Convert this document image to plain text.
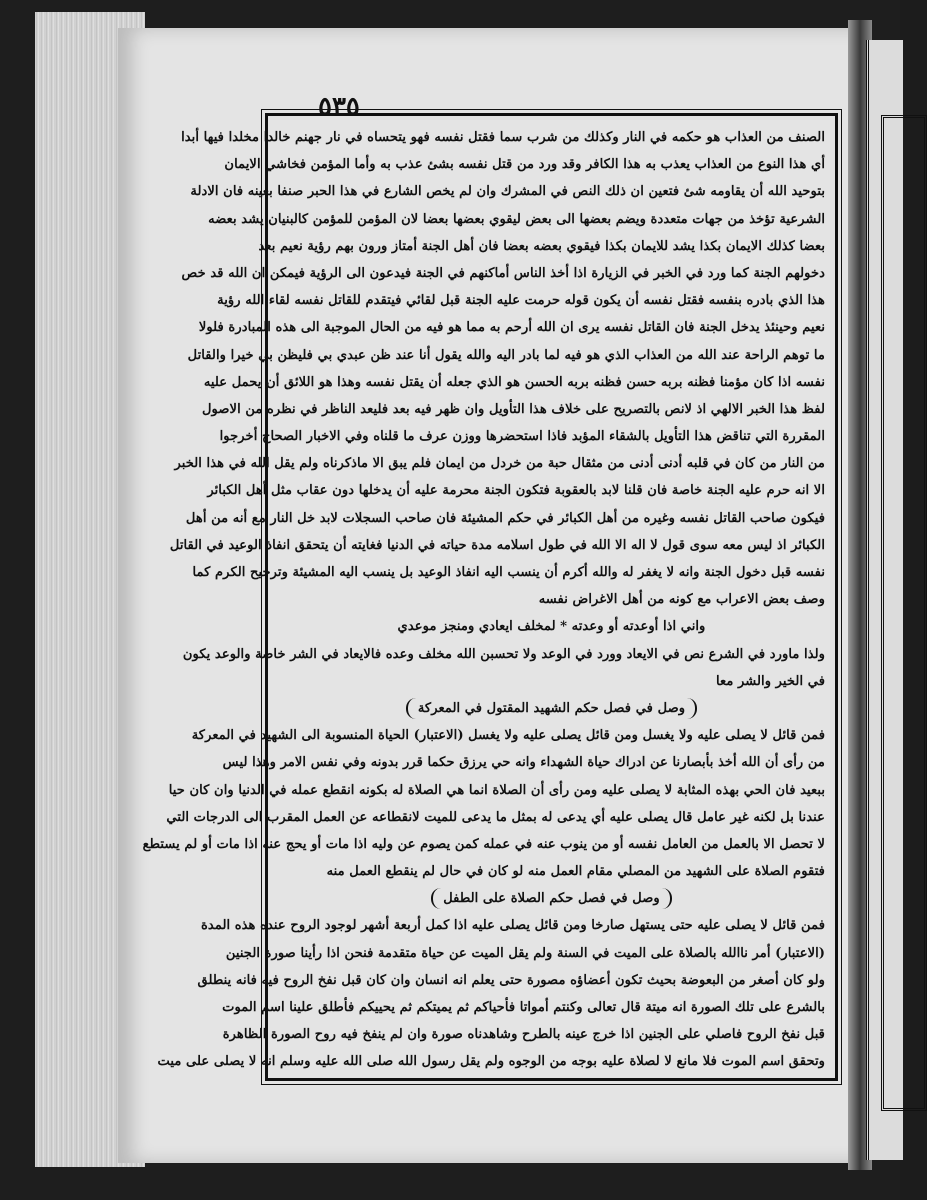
٥٣٥
الصنف من العذاب هو حكمه في النار وكذلك من شرب سما فقتل نفسه فهو يتحساه في نار جهنم خالدا مخلدا فيها أبدا
أي هذا النوع من العذاب يعذب به هذا الكافر وقد ورد من قتل نفسه بشئ عذب به وأما المؤمن فخاشي الايمان
بتوحيد الله أن يقاومه شئ فتعين ان ذلك النص في المشرك وان لم يخص الشارع في هذا الحبر صنفا بعينه فان الادلة
الشرعية تؤخذ من جهات متعددة ويضم بعضها الى بعض ليقوي بعضها بعضا لان المؤمن للمؤمن كالبنيان يشد بعضه
بعضا كذلك الايمان بكذا يشد للايمان بكذا فيقوي بعضه بعضا فان أهل الجنة أمتاز ورون بهم رؤية نعيم بعد
دخولهم الجنة كما ورد في الخبر في الزيارة اذا أخذ الناس أماكنهم في الجنة فيدعون الى الرؤية فيمكن ان الله قد خص
هذا الذي بادره بنفسه فقتل نفسه أن يكون قوله حرمت عليه الجنة قبل لقائي فيتقدم للقاتل نفسه لقاء الله رؤية
نعيم وحينئذ يدخل الجنة فان القاتل نفسه يرى ان الله أرحم به مما هو فيه من الحال الموجبة الى هذه المبادرة فلولا
ما توهم الراحة عند الله من العذاب الذي هو فيه لما بادر اليه والله يقول أنا عند ظن عبدي بي فليظن بي خيرا والقاتل
نفسه اذا كان مؤمنا فظنه بربه حسن فظنه بربه الحسن هو الذي جعله أن يقتل نفسه وهذا هو اللائق أن يحمل عليه
لفظ هذا الخبر الالهي اذ لانص بالتصريح على خلاف هذا التأويل وان ظهر فيه بعد فليعد الناظر في نظره من الاصول
المقررة التي تناقض هذا التأويل بالشقاء المؤبد فاذا استحضرها ووزن عرف ما قلناه وفي الاخبار الصحاح أخرجوا
من النار من كان في قلبه أدنى أدنى من مثقال حبة من خردل من ايمان فلم يبق الا ماذكرناه ولم يقل الله في هذا الخبر
الا انه حرم عليه الجنة خاصة فان قلنا لابد بالعقوبة فتكون الجنة محرمة عليه أن يدخلها دون عقاب مثل أهل الكبائر
فيكون صاحب القاتل نفسه وغيره من أهل الكبائر في حكم المشيئة فان صاحب السجلات لابد خل النار مع أنه من أهل
الكبائر اذ ليس معه سوى قول لا اله الا الله في طول اسلامه مدة حياته في الدنيا فغايته أن يتحقق انفاذ الوعيد في القاتل
نفسه قبل دخول الجنة وانه لا يغفر له والله أكرم أن ينسب اليه انفاذ الوعيد بل ينسب اليه المشيئة وترجيح الكرم كما
وصف بعض الاعراب مع كونه من أهل الاغراض نفسه
واني اذا أوعدته أو وعدته * لمخلف ايعادي ومنجز موعدي
ولذا ماورد في الشرع نص في الايعاد وورد في الوعد ولا تحسبن الله مخلف وعده فالايعاد في الشر خاصة والوعد يكون
في الخير والشر معا
وصل في فصل حكم الشهيد المقتول في المعركة
فمن قائل لا يصلى عليه ولا يغسل ومن قائل يصلى عليه ولا يغسل (الاعتبار) الحياة المنسوبة الى الشهيد في المعركة
من رأى أن الله أخذ بأبصارنا عن ادراك حياة الشهداء وانه حي يرزق حكما قرر بدونه وفي نفس الامر وهذا ليس
ببعيد فان الحي بهذه المثابة لا يصلى عليه ومن رأى أن الصلاة انما هي الصلاة له بكونه انقطع عمله في الدنيا وان كان حيا
عندنا بل لكنه غير عامل قال يصلى عليه أي يدعى له بمثل ما يدعى للميت لانقطاعه عن العمل المقرب الى الدرجات التي
لا تحصل الا بالعمل من العامل نفسه أو من ينوب عنه في عمله كمن يصوم عن وليه اذا مات أو يحج عنه اذا مات أو لم يستطع
فتقوم الصلاة على الشهيد من المصلي مقام العمل منه لو كان في حال لم ينقطع العمل منه
وصل في فصل حكم الصلاة على الطفل
فمن قائل لا يصلى عليه حتى يستهل صارخا ومن قائل يصلى عليه اذا كمل أربعة أشهر لوجود الروح عنده هذه المدة
(الاعتبار) أمر ناالله بالصلاة على الميت في السنة ولم يقل الميت عن حياة متقدمة فنحن اذا رأينا صورة الجنين
ولو كان أصغر من البعوضة بحيث تكون أعضاؤه مصورة حتى يعلم انه انسان وان كان قبل نفخ الروح فيه فانه ينطلق
بالشرع على تلك الصورة انه ميتة قال تعالى وكنتم أمواتا فأحياكم ثم يميتكم ثم يحييكم فأطلق علينا اسم الموت
قبل نفخ الروح فاصلي على الجنين اذا خرج عينه بالطرح وشاهدناه صورة وان لم ينفخ فيه روح الصورة الظاهرة
وتحقق اسم الموت فلا مانع لا لصلاة عليه بوجه من الوجوه ولم يقل رسول الله صلى الله عليه وسلم انه لا يصلى على ميت
